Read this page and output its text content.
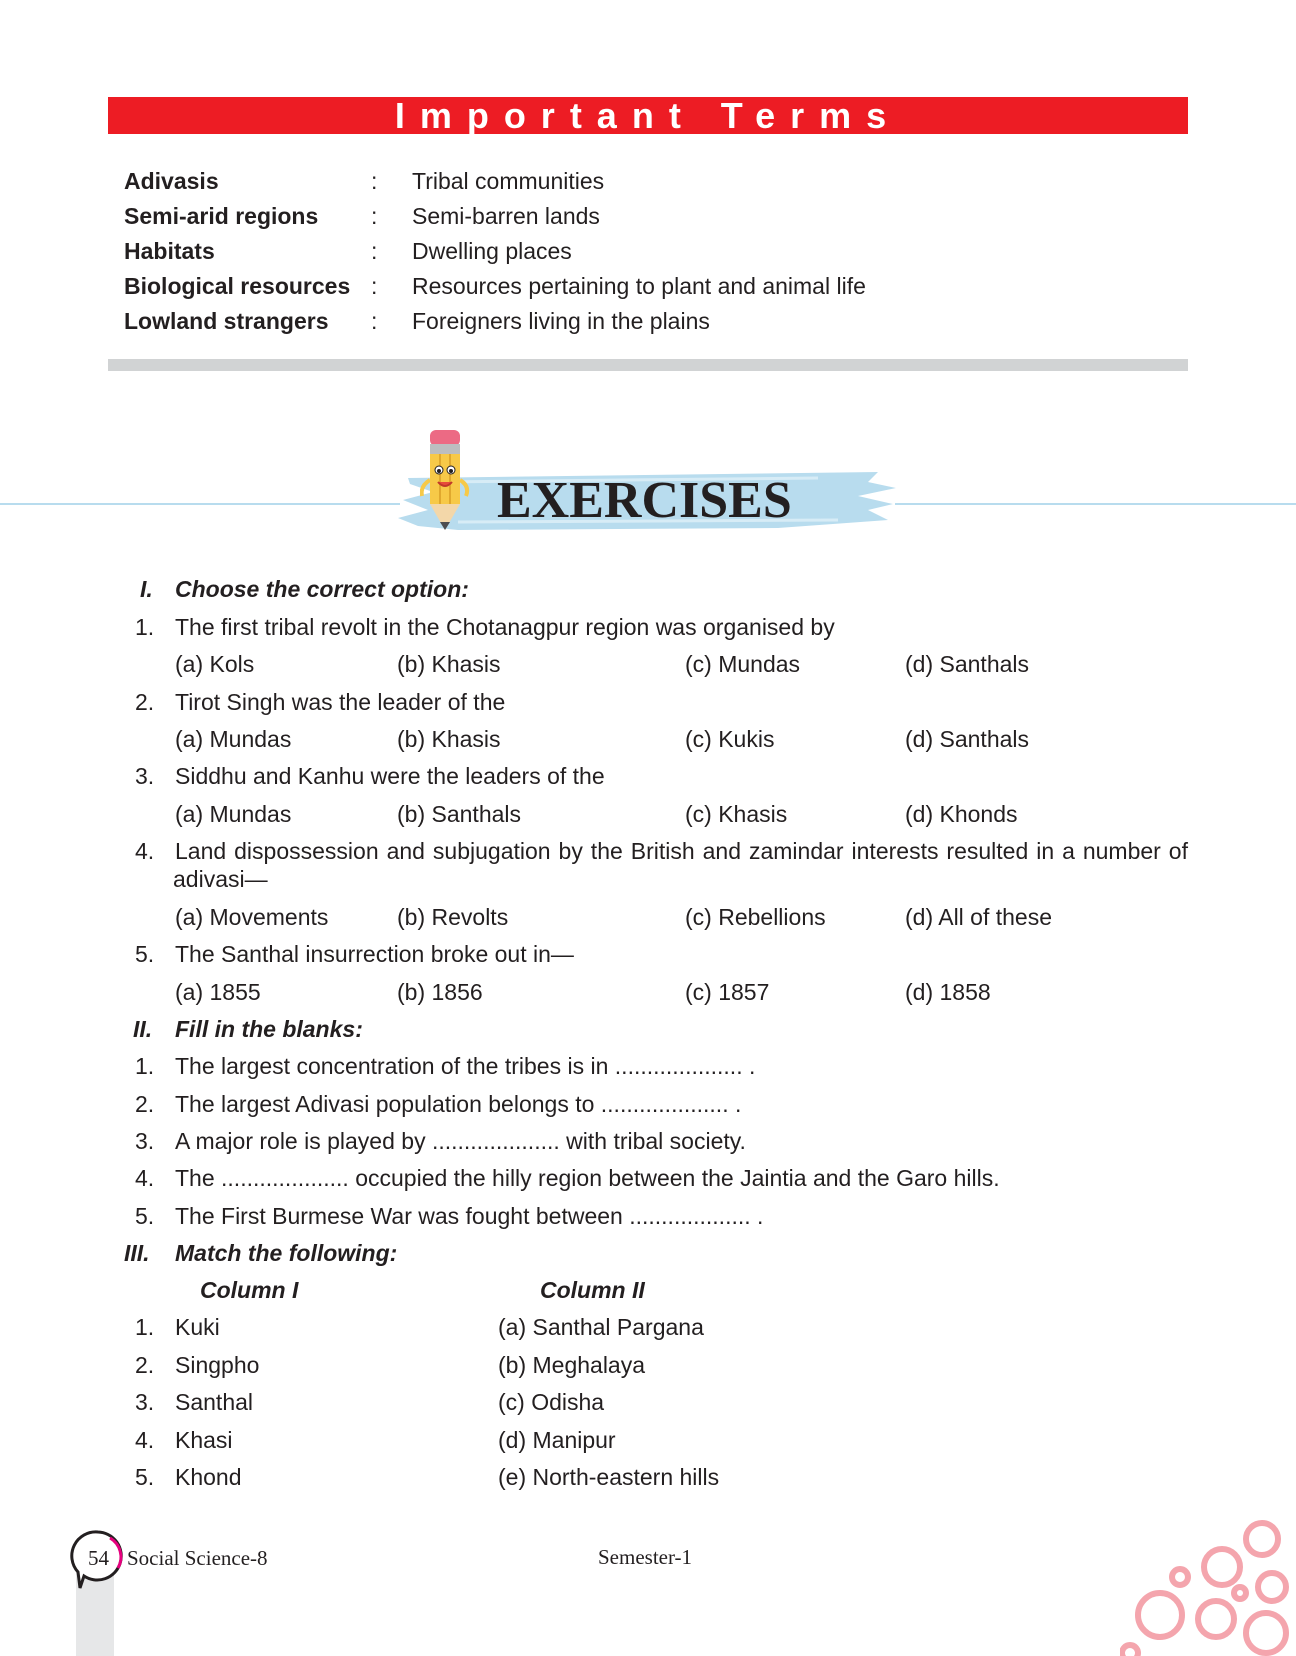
Important Terms
Adivasis	: Tribal communities
Semi-arid regions : Semi-barren lands
Habitats	: Dwelling places
Biological resources : Resources pertaining to plant and animal life
Lowland strangers : Foreigners living in the plains
EXERCISES
I. Choose the correct option:
1. The first tribal revolt in the Chotanagpur region was organised by
(a) Kols	(b) Khasis	(c) Mundas	(d) Santhals
2. Tirot Singh was the leader of the
(a) Mundas	(b) Khasis	(c) Kukis	(d) Santhals
3. Siddhu and Kanhu were the leaders of the
(a) Mundas	(b) Santhals	(c) Khasis	(d) Khonds
4. Land dispossession and subjugation by the British and zamindar interests resulted in a number of
adivasi—
(a) Movements	(b) Revolts	(c) Rebellions	(d) All of these
5. The Santhal insurrection broke out in—
(a) 1855	(b) 1856	(c) 1857	(d) 1858
II. Fill in the blanks:
1. The largest concentration of the tribes is in .................... .
2. The largest Adivasi population belongs to .................... .
3. A major role is played by .................... with tribal society.
4. The .................... occupied the hilly region between the Jaintia and the Garo hills.
5. The First Burmese War was fought between ................... .
III. Match the following:
Column I	Column II
1. Kuki	(a) Santhal Pargana
2. Singpho	(b) Meghalaya
3. Santhal	(c) Odisha
4. Khasi	(d) Manipur
5. Khond	(e) North-eastern hills
54 Social Science-8	Semester-1
